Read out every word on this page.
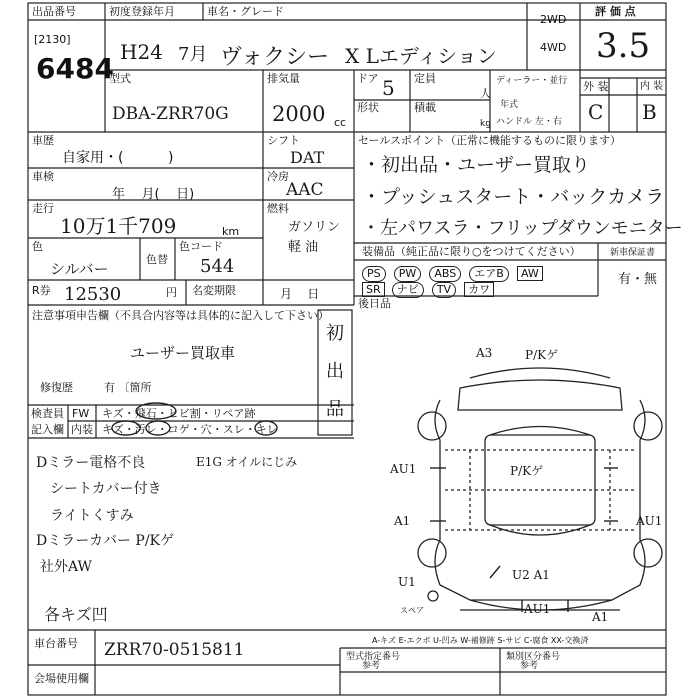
出品番号
[2130]
6484
初度登録年月	車名・グレード
H24 7月 ヴォクシー X Lエディション
2WD
4WD
評 価 点
3.5
型式
DBA-ZRR70G
排気量
2000 cc
ドア 5 定員
人
形状	積載
kg
ディーラー・並行
年式
ハンドル 左・右
外 装	内 装
C B
車歴
自家用・(          )
シフト
DAT
車検
年    月(    日)
冷房
AAC
走行
10万1千709	km
燃料
ガソリン
軽 油
色
シルバー
色替
色コード
544
R券 12530	円 名変期限	月    日
セールスポイント（正常に機能するものに限ります）
・初出品・ユーザー買取り
・プッシュスタート・バックカメラ
・左パワスラ・フリップダウンモニター
装備品（純正品に限り○をつけてください）	新車保証書
有・無
PS PW ABS エアB AW
SR ナビ TV カワ
後日品
注意事項申告欄（不具合内容等は具体的に記入して下さい）
ユーザー買取車
初
出
品
修復歴	有 〔箇所
検査員
記入欄
FW キズ・飛石・ヒビ割・リペア跡
内装 キズ・汚レ・コゲ・穴・スレ・キレ
Dミラー電格不良
シートカバー付き
ライトくすみ
Dミラーカバー P/Kゲ
社外AW
各キズ凹
E1G オイルにじみ
A3	P/Kゲ
P/Kゲ
AU1
A1	AU1
U1	U2 A1
AU1
A1
スペア
A-キズ E-エクボ U-凹み W-補修跡 S-サビ C-腐食 XX-交換済
車台番号 ZRR70-0515811
会場使用欄
型式指定番号
参考
類別区分番号
参考
